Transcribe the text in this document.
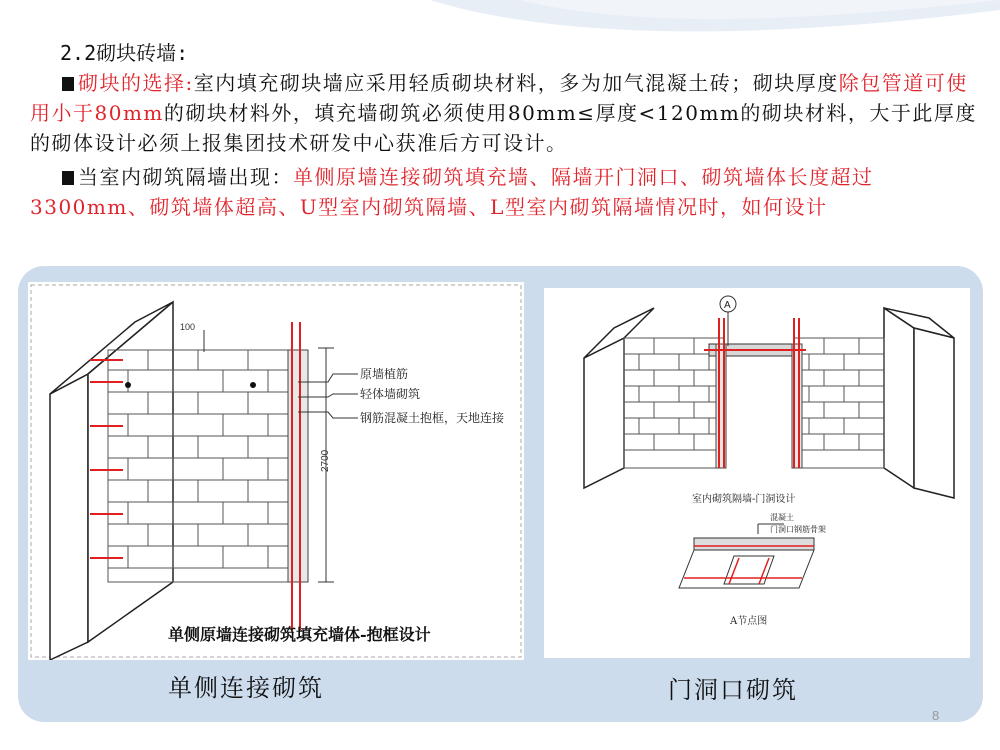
2.2砌块砖墙:

砌块的选择:室内填充砌块墙应采用轻质砌块材料，多为加气混凝土砖；砌块厚度除包管道可使用小于80mm的砌块材料外，填充墙砌筑必须使用80mm≤厚度<120mm的砌块材料，大于此厚度的砌体设计必须上报集团技术研发中心获准后方可设计。

当室内砌筑隔墙出现：单侧原墙连接砌筑填充墙、隔墙开门洞口、砌筑墙体长度超过3300mm、砌筑墙体超高、U型室内砌筑隔墙、L型室内砌筑隔墙情况时，如何设计

2700
100
原墙植筋
轻体墙砌筑
钢筋混凝土抱框，天地连接
单侧原墙连接砌筑填充墙体-抱框设计
A
室内砌筑隔墙-门洞设计
混凝土
门洞口钢筋骨架
A节点图
单侧连接砌筑	门洞口砌筑
8
